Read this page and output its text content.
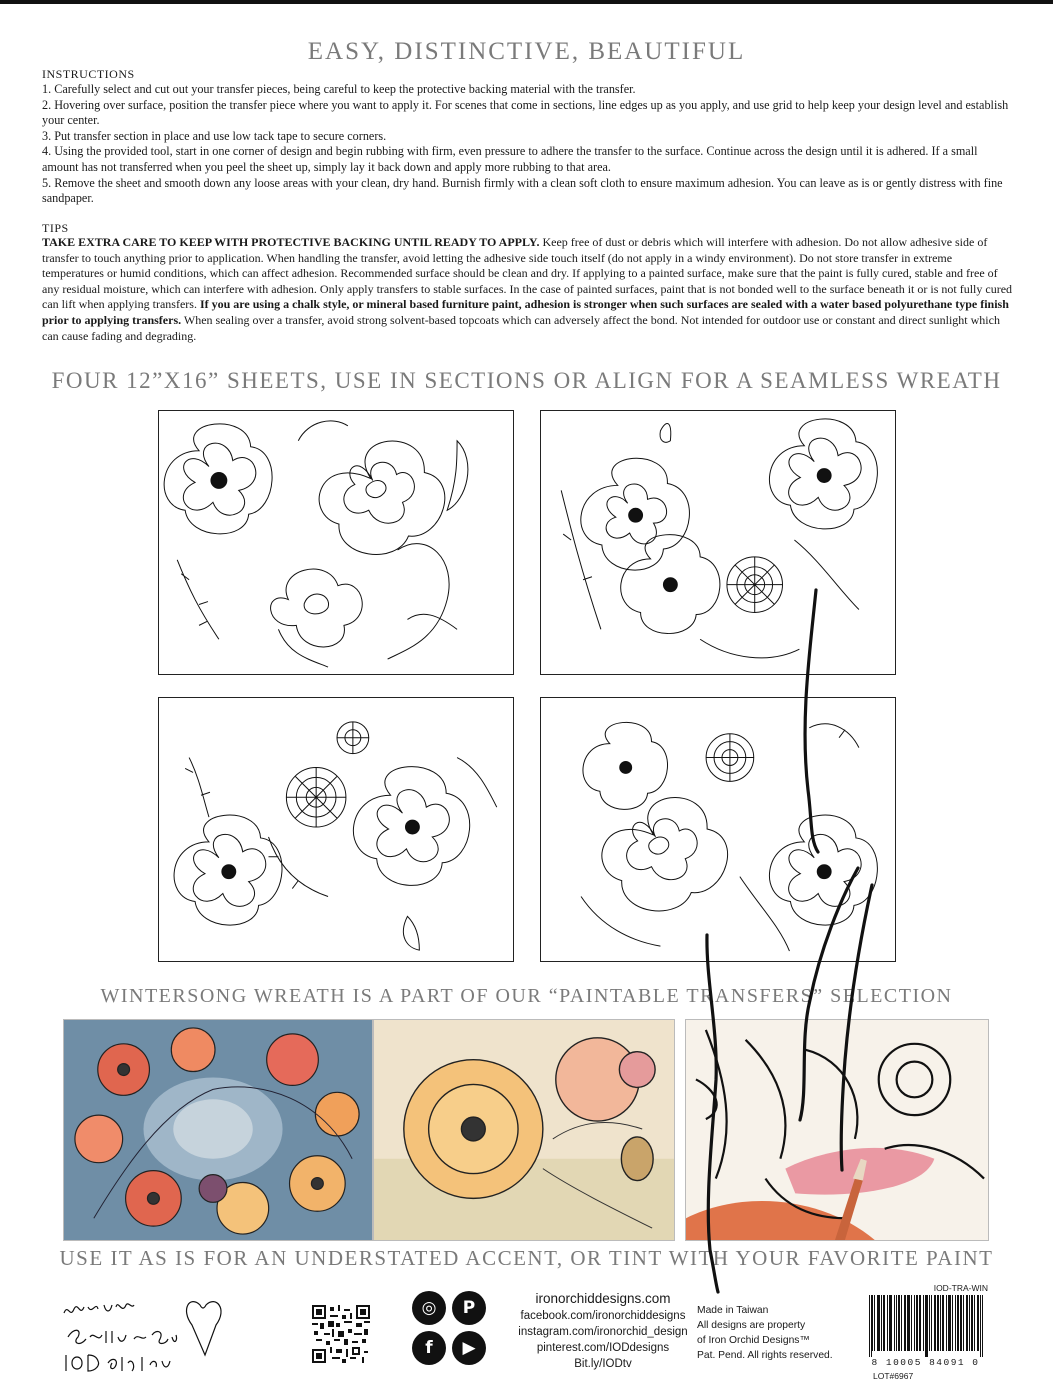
EASY, DISTINCTIVE, BEAUTIFUL
INSTRUCTIONS

1. Carefully select and cut out your transfer pieces, being careful to keep the protective backing material with the transfer.

2. Hovering over surface, position the transfer piece where you want to apply it. For scenes that come in sections, line edges up as you apply, and use grid to help keep your design level and establish your center.

3. Put transfer section in place and use low tack tape to secure corners.

4. Using the provided tool, start in one corner of design and begin rubbing with firm, even pressure to adhere the transfer to the surface. Continue across the design until it is adhered. If a small amount has not transferred when you peel the sheet up, simply lay it back down and apply more rubbing to that area.

5. Remove the sheet and smooth down any loose areas with your clean, dry hand. Burnish firmly with a clean soft cloth to ensure maximum adhesion. You can leave as is or gently distress with fine sandpaper.

TIPS
TAKE EXTRA CARE TO KEEP WITH PROTECTIVE BACKING UNTIL READY TO APPLY. Keep free of dust or debris which will interfere with adhesion. Do not allow adhesive side of transfer to touch anything prior to application. When handling the transfer, avoid letting the adhesive side touch itself (do not apply in a windy environment). Do not store transfer in extreme temperatures or humid conditions, which can affect adhesion. Recommended surface should be clean and dry. If applying to a painted surface, make sure that the paint is fully cured, stable and free of any residual moisture, which can interfere with adhesion. Only apply transfers to stable surfaces. In the case of painted surfaces, paint that is not bonded well to the surface beneath it or is not fully cured can lift when applying transfers. If you are using a chalk style, or mineral based furniture paint, adhesion is stronger when such surfaces are sealed with a water based polyurethane type finish prior to applying transfers. When sealing over a transfer, avoid strong solvent-based topcoats which can adversely affect the bond. Not intended for outdoor use or constant and direct sunlight which can cause fading and degrading.
FOUR 12”X16” SHEETS, USE IN SECTIONS OR ALIGN FOR A SEAMLESS WREATH
WINTERSONG WREATH IS A PART OF OUR “PAINTABLE TRANSFERS” SELECTION
USE IT AS IS FOR AN UNDERSTATED ACCENT, OR TINT WITH YOUR FAVORITE PAINT
◎	P
f	▶
ironorchiddesigns.com
facebook.com/ironorchiddesigns
instagram.com/ironorchid_design
pinterest.com/IODdesigns
Bit.ly/IODtv
Made in Taiwan
All designs are property
of Iron Orchid Designs™
Pat. Pend. All rights reserved.
IOD-TRA-WIN
8 10005 84091 0
LOT#6967
